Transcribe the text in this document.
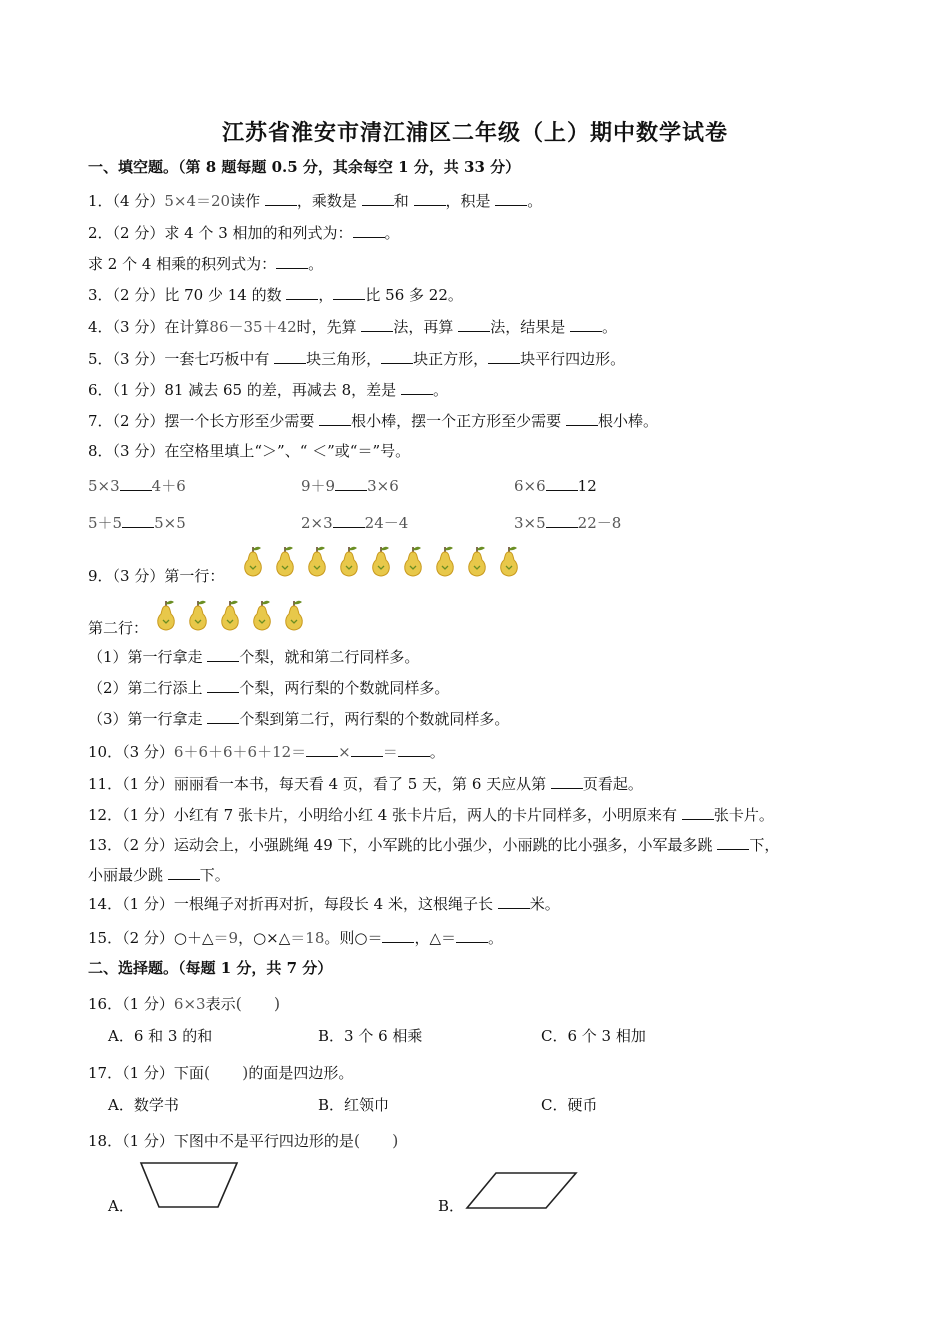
江苏省淮安市清江浦区二年级（上）期中数学试卷
一、填空题。（第 8 题每题 0.5 分，其余每空 1 分，共 33 分）
1．（4 分）5×4＝20读作 ，乘数是 和 ，积是 。
2．（2 分）求 4 个 3 相加的和列式为： 。
求 2 个 4 相乘的积列式为： 。
3．（2 分）比 70 少 14 的数 ， 比 56 多 22。
4．（3 分）在计算86－35＋42时，先算 法，再算 法，结果是 。
5．（3 分）一套七巧板中有 块三角形， 块正方形， 块平行四边形。
6．（1 分）81 减去 65 的差，再减去 8，差是 。
7．（2 分）摆一个长方形至少需要 根小棒，摆一个正方形至少需要 根小棒。
8．（3 分）在空格里填上“＞”、“ ＜”或“＝”号。
5×3 4＋6	9＋9 3×6	6×6 12
5＋5 5×5	2×3 24－4	3×5 22－8
9．（3 分）第一行：
第二行：
（1）第一行拿走 个梨，就和第二行同样多。
（2）第二行添上 个梨，两行梨的个数就同样多。
（3）第一行拿走 个梨到第二行，两行梨的个数就同样多。
10．（3 分）6＋6＋6＋6＋12＝ × ＝ 。
11．（1 分）丽丽看一本书，每天看 4 页，看了 5 天，第 6 天应从第 页看起。
12．（1 分）小红有 7 张卡片，小明给小红 4 张卡片后，两人的卡片同样多，小明原来有 张卡片。
13．（2 分）运动会上，小强跳绳 49 下，小军跳的比小强少，小丽跳的比小强多，小军最多跳 下，
小丽最少跳 下。
14．（1 分）一根绳子对折再对折，每段长 4 米，这根绳子长 米。
15．（2 分）○＋△＝9，○×△＝18。则○＝ ，△＝ 。
二、选择题。（每题 1 分，共 7 分）
16．（1 分）6×3表示(　　)
A．6 和 3 的和	B．3 个 6 相乘	C．6 个 3 相加
17．（1 分）下面(　　)的面是四边形。
A．数学书	B．红领巾	C．硬币
18．（1 分）下图中不是平行四边形的是(　　)
A．	B．
